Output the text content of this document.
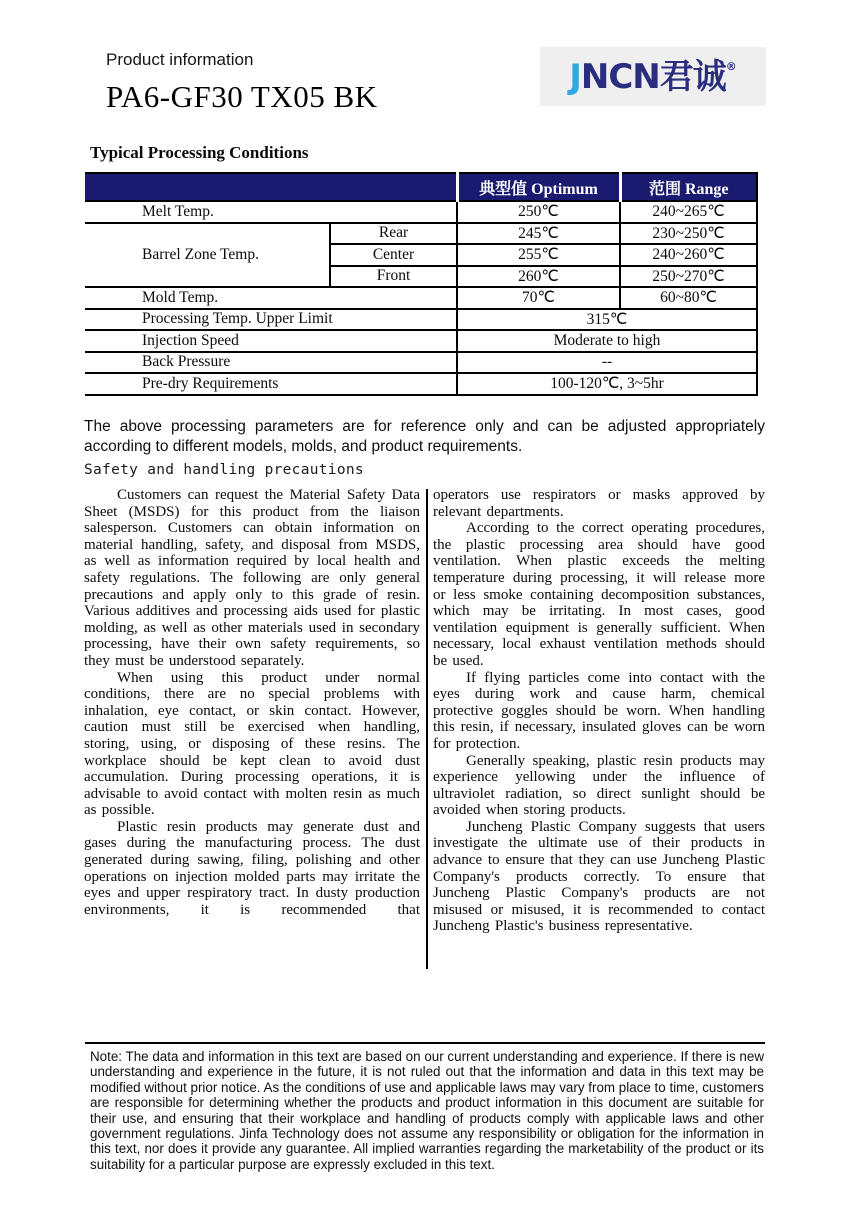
Product information
PA6-GF30 TX05 BK	JNCN君诚®
Typical Processing Conditions
		典型值 Optimum	范围 Range
Melt Temp.		250℃	240~265℃
Barrel Zone Temp.	Rear	245℃	230~250℃
	Center	255℃	240~260℃
	Front	260℃	250~270℃
Mold Temp.		70℃	60~80℃
Processing Temp. Upper Limit		315℃	
Injection Speed		Moderate to high	
Back Pressure		--	
Pre-dry Requirements		100-120℃, 3~5hr	
The above processing parameters are for reference only and can be adjusted appropriately according to different models, molds, and product requirements.
Safety and handling precautions

Customers can request the Material Safety Data Sheet (MSDS) for this product from the liaison salesperson. Customers can obtain information on material handling, safety, and disposal from MSDS, as well as information required by local health and safety regulations. The following are only general precautions and apply only to this grade of resin. Various additives and processing aids used for plastic molding, as well as other materials used in secondary processing, have their own safety requirements, so they must be understood separately.

When using this product under normal conditions, there are no special problems with inhalation, eye contact, or skin contact. However, caution must still be exercised when handling, storing, using, or disposing of these resins. The workplace should be kept clean to avoid dust accumulation. During processing operations, it is advisable to avoid contact with molten resin as much as possible.

Plastic resin products may generate dust and gases during the manufacturing process. The dust generated during sawing, filing, polishing and other operations on injection molded parts may irritate the eyes and upper respiratory tract. In dusty production environments, it is recommended that

operators use respirators or masks approved by relevant departments.

According to the correct operating procedures, the plastic processing area should have good ventilation. When plastic exceeds the melting temperature during processing, it will release more or less smoke containing decomposition substances, which may be irritating. In most cases, good ventilation equipment is generally sufficient. When necessary, local exhaust ventilation methods should be used.

If flying particles come into contact with the eyes during work and cause harm, chemical protective goggles should be worn. When handling this resin, if necessary, insulated gloves can be worn for protection.

Generally speaking, plastic resin products may experience yellowing under the influence of ultraviolet radiation, so direct sunlight should be avoided when storing products.

Juncheng Plastic Company suggests that users investigate the ultimate use of their products in advance to ensure that they can use Juncheng Plastic Company's products correctly. To ensure that Juncheng Plastic Company's products are not misused or misused, it is recommended to contact Juncheng Plastic's business representative.

Note: The data and information in this text are based on our current understanding and experience. If there is new understanding and experience in the future, it is not ruled out that the information and data in this text may be modified without prior notice. As the conditions of use and applicable laws may vary from place to time, customers are responsible for determining whether the products and product information in this document are suitable for their use, and ensuring that their workplace and handling of products comply with applicable laws and other government regulations. Jinfa Technology does not assume any responsibility or obligation for the information in this text, nor does it provide any guarantee. All implied warranties regarding the marketability of the product or its suitability for a particular purpose are expressly excluded in this text.
